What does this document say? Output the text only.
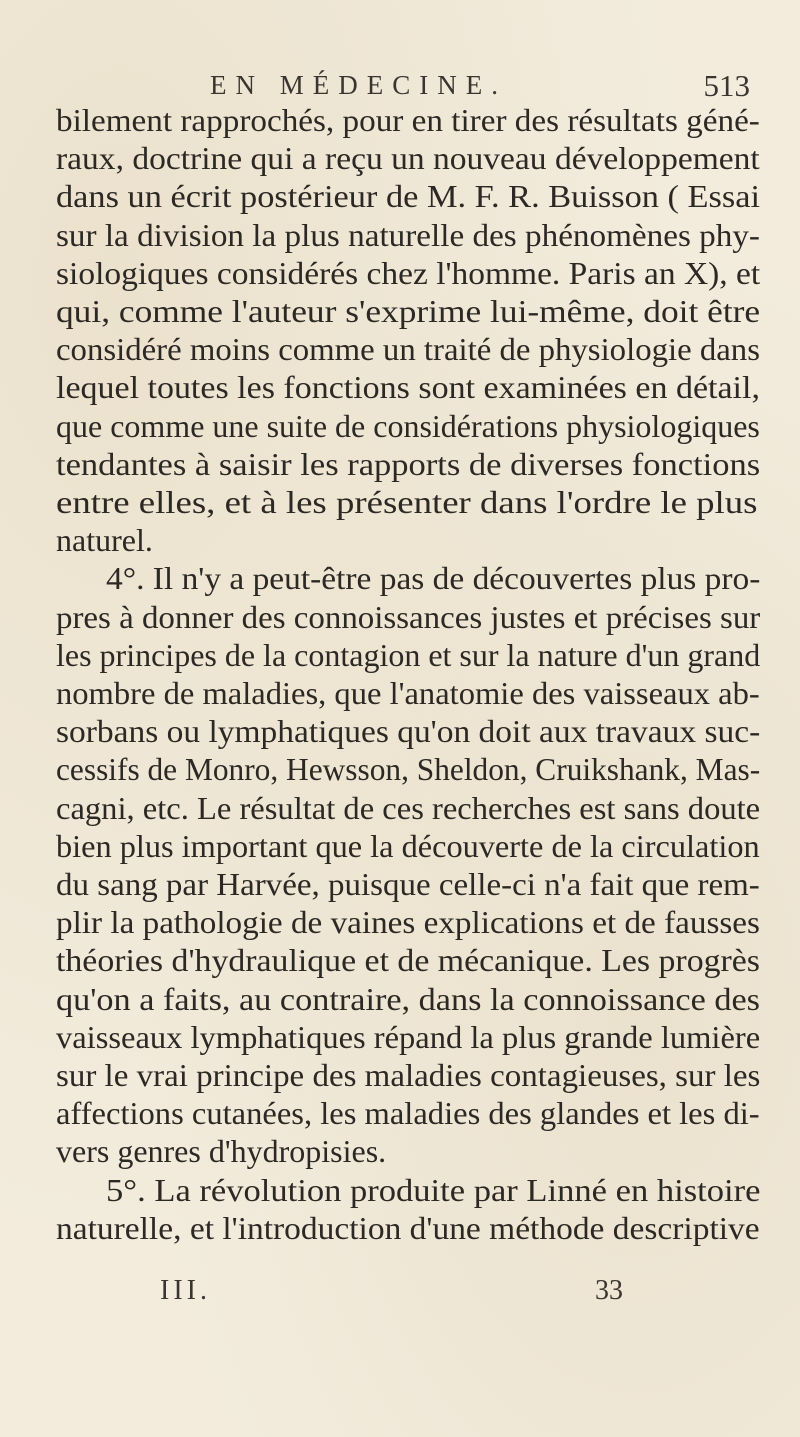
EN MÉDECINE.	513
bilement rapprochés, pour en tirer des résultats géné-
raux, doctrine qui a reçu un nouveau développement
dans un écrit postérieur de M. F. R. Buisson ( Essai
sur la division la plus naturelle des phénomènes phy-
siologiques considérés chez l'homme. Paris an X), et
qui, comme l'auteur s'exprime lui-même, doit être
considéré moins comme un traité de physiologie dans
lequel toutes les fonctions sont examinées en détail,
que comme une suite de considérations physiologiques
tendantes à saisir les rapports de diverses fonctions
entre elles, et à les présenter dans l'ordre le plus
naturel.
4°. Il n'y a peut-être pas de découvertes plus pro-
pres à donner des connoissances justes et précises sur
les principes de la contagion et sur la nature d'un grand
nombre de maladies, que l'anatomie des vaisseaux ab-
sorbans ou lymphatiques qu'on doit aux travaux suc-
cessifs de Monro, Hewsson, Sheldon, Cruikshank, Mas-
cagni, etc. Le résultat de ces recherches est sans doute
bien plus important que la découverte de la circulation
du sang par Harvée, puisque celle-ci n'a fait que rem-
plir la pathologie de vaines explications et de fausses
théories d'hydraulique et de mécanique. Les progrès
qu'on a faits, au contraire, dans la connoissance des
vaisseaux lymphatiques répand la plus grande lumière
sur le vrai principe des maladies contagieuses, sur les
affections cutanées, les maladies des glandes et les di-
vers genres d'hydropisies.
5°. La révolution produite par Linné en histoire
naturelle, et l'introduction d'une méthode descriptive
III.	33
